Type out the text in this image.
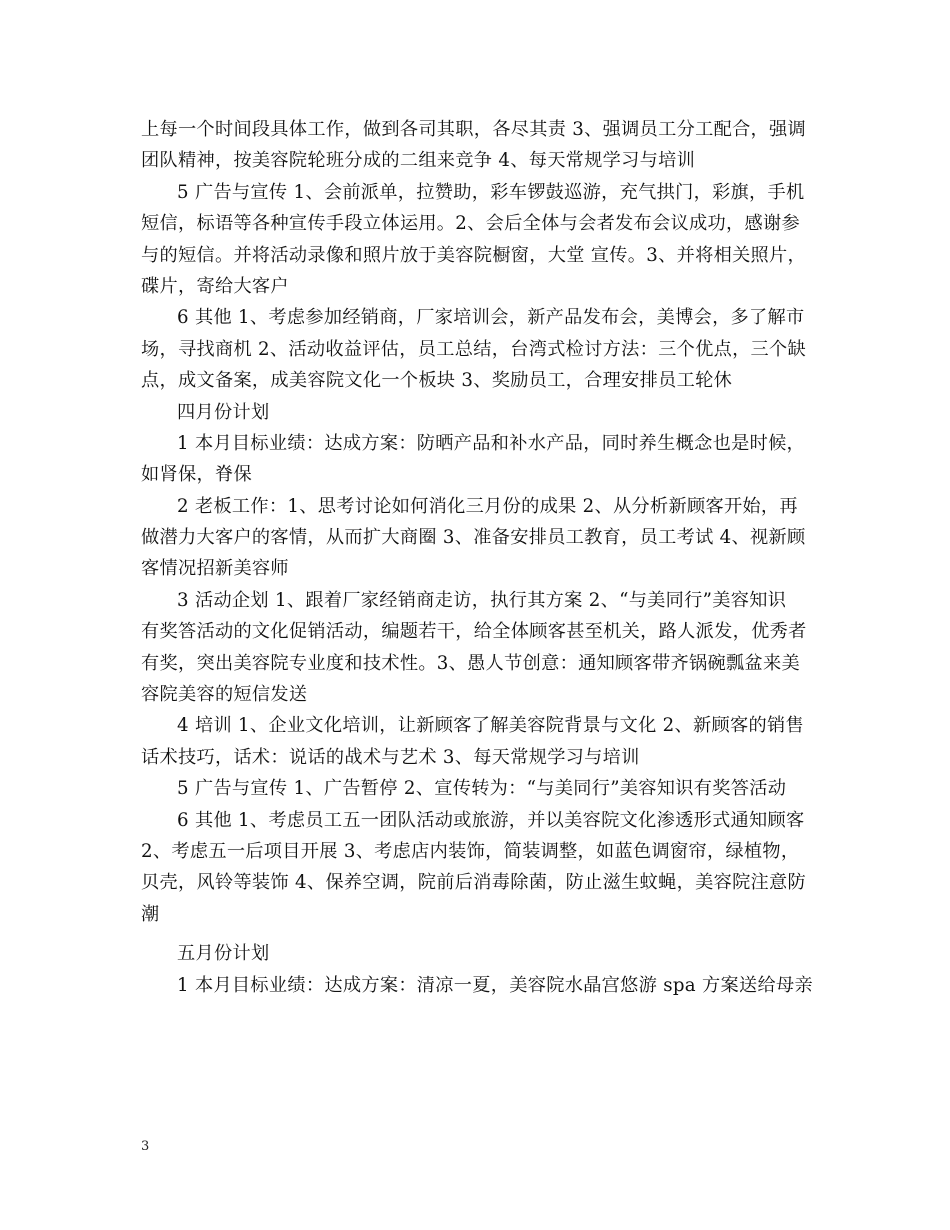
上每一个时间段具体工作，做到各司其职，各尽其责 3、强调员工分工配合，强调
团队精神，按美容院轮班分成的二组来竞争 4、每天常规学习与培训
5 广告与宣传 1、会前派单，拉赞助，彩车锣鼓巡游，充气拱门，彩旗，手机
短信，标语等各种宣传手段立体运用。2、会后全体与会者发布会议成功，感谢参
与的短信。并将活动录像和照片放于美容院橱窗，大堂 宣传。3、并将相关照片，
碟片，寄给大客户
6 其他 1、考虑参加经销商，厂家培训会，新产品发布会，美博会，多了解市
场，寻找商机 2、活动收益评估，员工总结，台湾式检讨方法：三个优点，三个缺
点，成文备案，成美容院文化一个板块 3、奖励员工，合理安排员工轮休
四月份计划
1 本月目标业绩：达成方案：防晒产品和补水产品，同时养生概念也是时候，
如肾保，脊保
2 老板工作：1、思考讨论如何消化三月份的成果 2、从分析新顾客开始，再
做潜力大客户的客情，从而扩大商圈 3、准备安排员工教育，员工考试 4、视新顾
客情况招新美容师
3 活动企划 1、跟着厂家经销商走访，执行其方案 2、“与美同行”美容知识
有奖答活动的文化促销活动，编题若干，给全体顾客甚至机关，路人派发，优秀者
有奖，突出美容院专业度和技术性。3、愚人节创意：通知顾客带齐锅碗瓢盆来美
容院美容的短信发送
4 培训 1、企业文化培训，让新顾客了解美容院背景与文化 2、新顾客的销售
话术技巧，话术：说话的战术与艺术 3、每天常规学习与培训
5 广告与宣传 1、广告暂停 2、宣传转为：“与美同行”美容知识有奖答活动
6 其他 1、考虑员工五一团队活动或旅游，并以美容院文化渗透形式通知顾客
2、考虑五一后项目开展 3、考虑店内装饰，简装调整，如蓝色调窗帘，绿植物，
贝壳，风铃等装饰 4、保养空调，院前后消毒除菌，防止滋生蚊蝇，美容院注意防
潮
五月份计划
1 本月目标业绩：达成方案：清凉一夏，美容院水晶宫悠游 spa 方案送给母亲
3
